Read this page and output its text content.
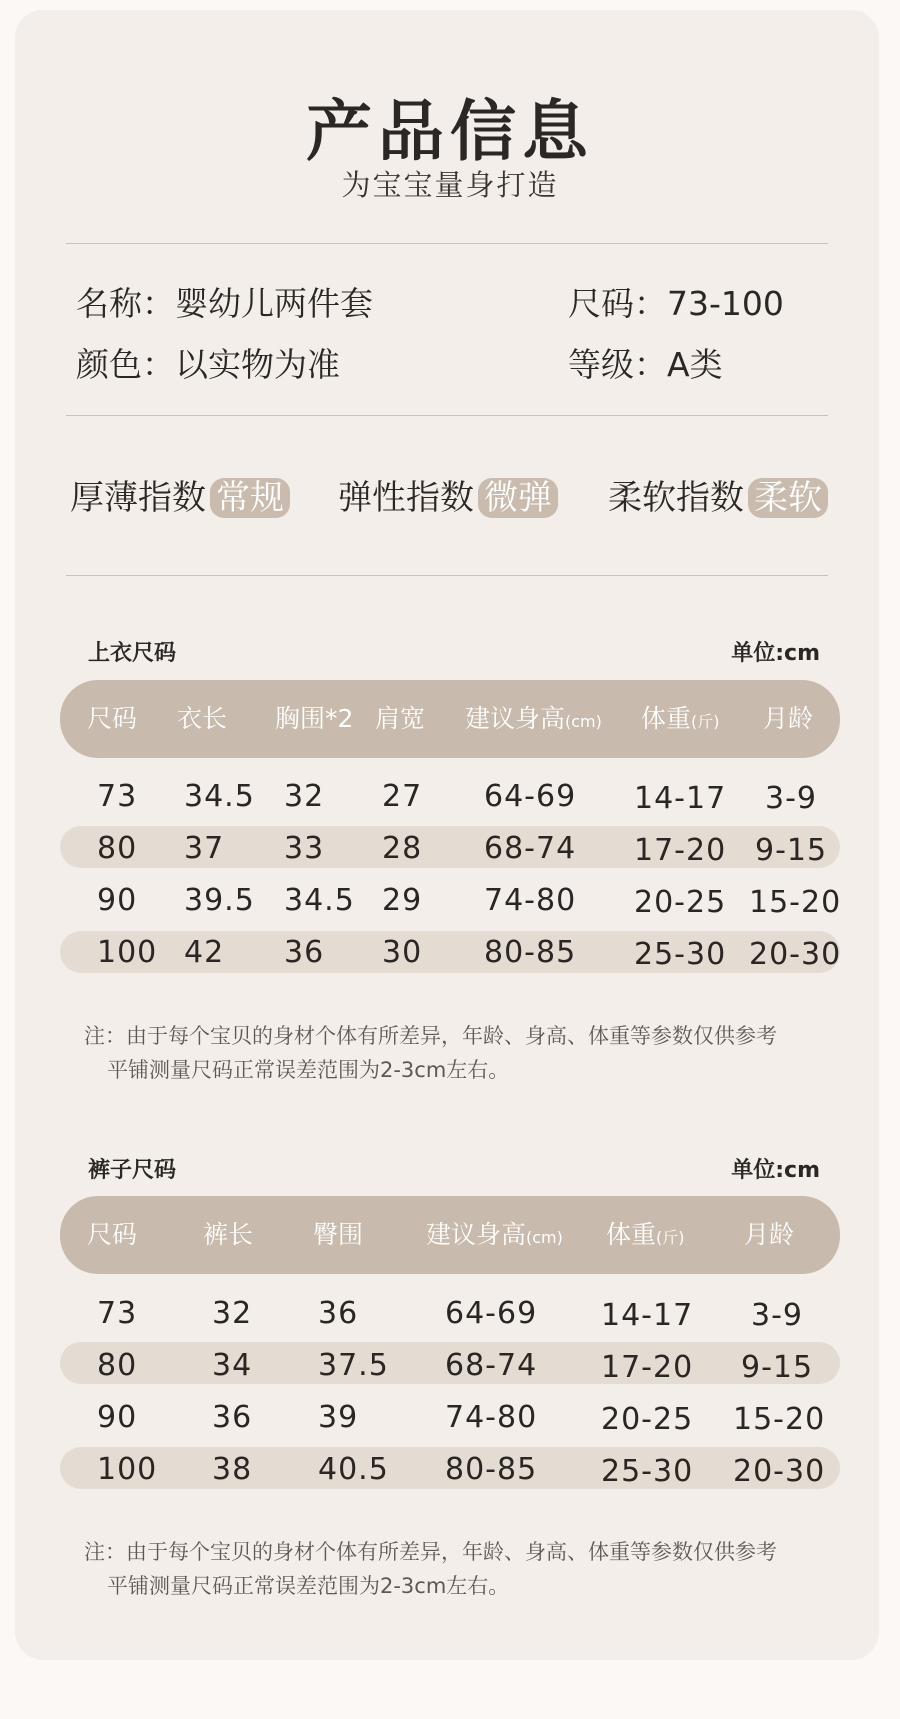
产品信息
为宝宝量身打造
名称：婴幼儿两件套	尺码：73-100
颜色：以实物为准	等级：A类
厚薄指数 常规 弹性指数 微弹 柔软指数 柔软
上衣尺码	单位:cm
尺码 衣长 胸围*2 肩宽 建议身高(cm) 体重(斤) 月龄
73 34.5 32 27 64-69 14-17 3-9
80 37 33 28 68-74 17-20 9-15
90 39.5 34.5 29 74-80 20-25 15-20
100 42 36 30 80-85 25-30 20-30
注：由于每个宝贝的身材个体有所差异，年龄、身高、体重等参数仅供参考
平铺测量尺码正常误差范围为2-3cm左右。
裤子尺码	单位:cm
尺码	裤长 臀围	建议身高(cm) 体重(斤) 月龄
73 32 36	64-69 14-17 3-9
80 34 37.5 68-74 17-20 9-15
90 36 39	74-80 20-25 15-20
100 38 40.5 80-85 25-30 20-30
注：由于每个宝贝的身材个体有所差异，年龄、身高、体重等参数仅供参考
平铺测量尺码正常误差范围为2-3cm左右。
